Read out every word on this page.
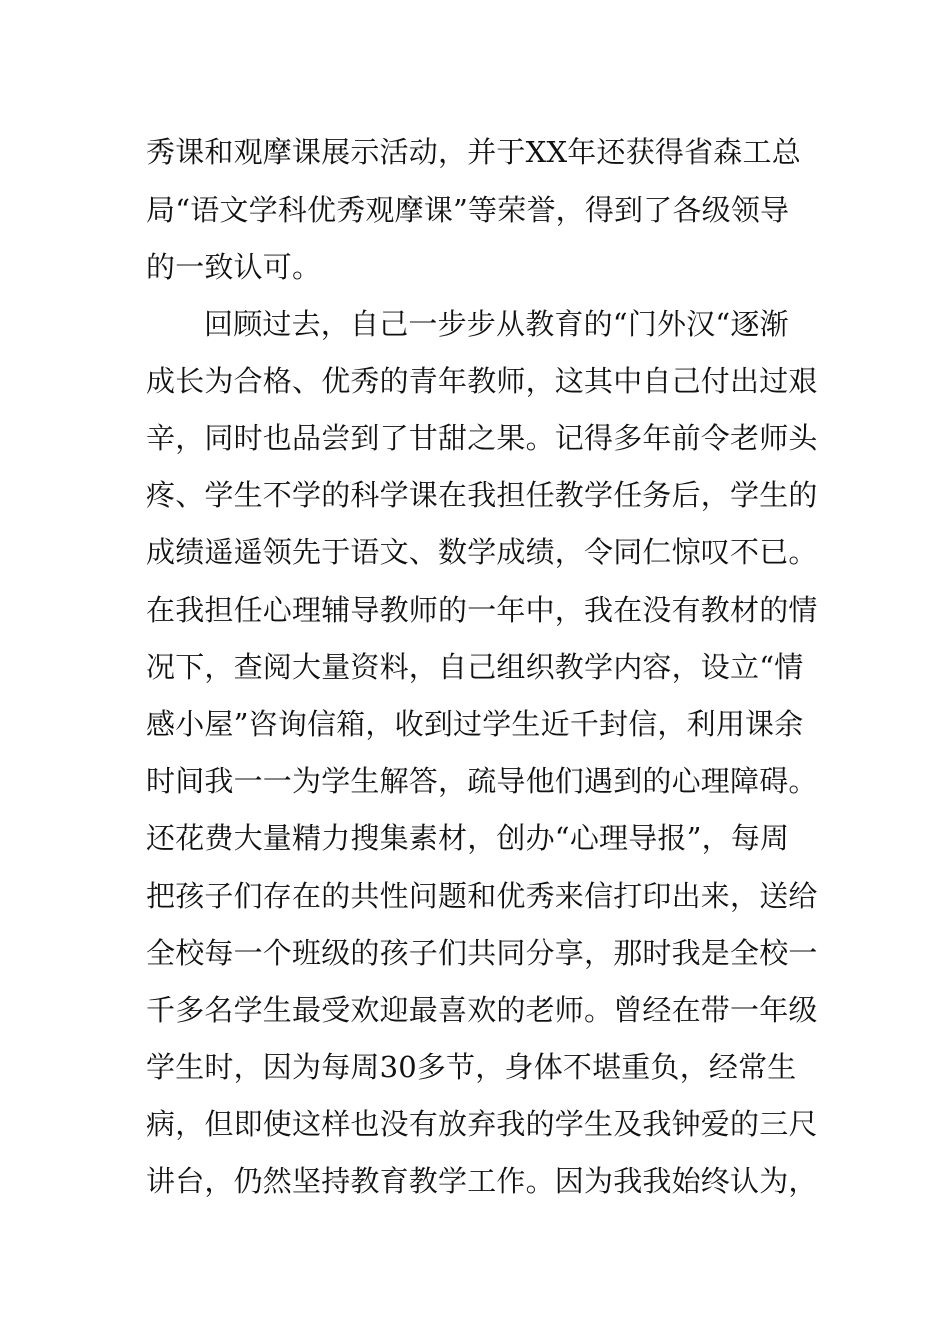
秀课和观摩课展示活动，并于XX年还获得省森工总
局“语文学科优秀观摩课”等荣誉，得到了各级领导
的一致认可。
回顾过去，自己一步步从教育的“门外汉“逐渐
成长为合格、优秀的青年教师，这其中自己付出过艰
辛，同时也品尝到了甘甜之果。记得多年前令老师头
疼、学生不学的科学课在我担任教学任务后，学生的
成绩遥遥领先于语文、数学成绩，令同仁惊叹不已。
在我担任心理辅导教师的一年中，我在没有教材的情
况下，查阅大量资料，自己组织教学内容，设立“情
感小屋”咨询信箱，收到过学生近千封信，利用课余
时间我一一为学生解答，疏导他们遇到的心理障碍。
还花费大量精力搜集素材，创办“心理导报”，每周
把孩子们存在的共性问题和优秀来信打印出来，送给
全校每一个班级的孩子们共同分享，那时我是全校一
千多名学生最受欢迎最喜欢的老师。曾经在带一年级
学生时，因为每周30多节，身体不堪重负，经常生
病，但即使这样也没有放弃我的学生及我钟爱的三尺
讲台，仍然坚持教育教学工作。因为我我始终认为，
